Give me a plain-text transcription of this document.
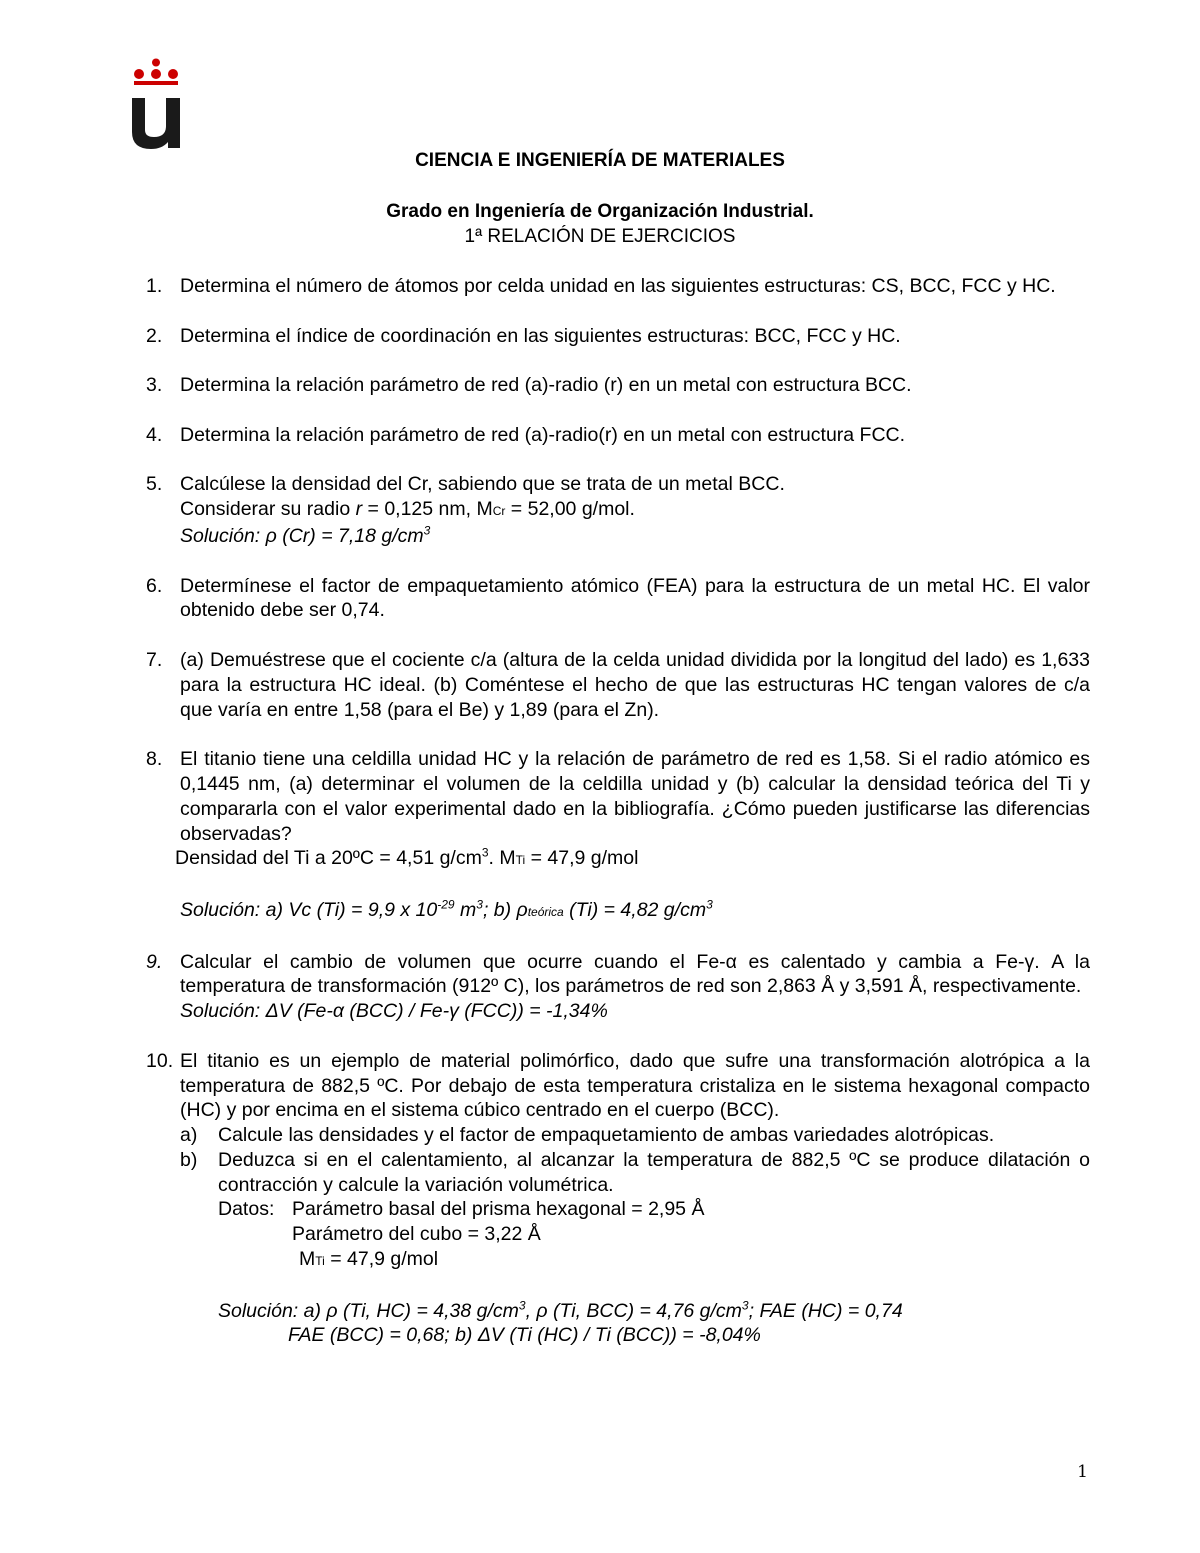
CIENCIA E INGENIERÍA DE MATERIALES
Grado en Ingeniería de Organización Industrial.
1ª RELACIÓN DE EJERCICIOS
1. Determina el número de átomos por celda unidad en las siguientes estructuras: CS, BCC, FCC y HC.
2. Determina el índice de coordinación en las siguientes estructuras: BCC, FCC y HC.
3. Determina la relación parámetro de red (a)-radio (r) en un metal con estructura BCC.
4. Determina la relación parámetro de red (a)-radio(r) en un metal con estructura FCC.
5. Calcúlese la densidad del Cr, sabiendo que se trata de un metal BCC.
Considerar su radio r = 0,125 nm, MCr = 52,00 g/mol.
Solución: ρ (Cr) = 7,18 $g/cm^3$
6. Determínese el factor de empaquetamiento atómico (FEA) para la estructura de un metal HC. El valor obtenido debe ser 0,74.
7. (a) Demuéstrese que el cociente c/a (altura de la celda unidad dividida por la longitud del lado) es 1,633 para la estructura HC ideal. (b) Coméntese el hecho de que las estructuras HC tengan valores de c/a que varía en entre 1,58 (para el Be) y 1,89 (para el Zn).
8. El titanio tiene una celdilla unidad HC y la relación de parámetro de red es 1,58. Si el radio atómico es 0,1445 nm, (a) determinar el volumen de la celdilla unidad y (b) calcular la densidad teórica del Ti y compararla con el valor experimental dado en la bibliografía. ¿Cómo pueden justificarse las diferencias observadas?
Densidad del Ti a 20ºC = 4,51 $g/cm^3$. MTi = 47,9 g/mol
Solución: a) Vc (Ti) = 9,9 x $10^{-29}$ $m^3$; b) ρteórica (Ti) = 4,82 $g/cm^3$
9. Calcular el cambio de volumen que ocurre cuando el Fe-α es calentado y cambia a Fe-γ. A la temperatura de transformación (912º C), los parámetros de red son 2,863 Å y 3,591 Å, respectivamente.
Solución: ΔV (Fe-α (BCC) / Fe-γ (FCC)) = -1,34%
10. El titanio es un ejemplo de material polimórfico, dado que sufre una transformación alotrópica a la temperatura de 882,5 ºC. Por debajo de esta temperatura cristaliza en le sistema hexagonal compacto (HC) y por encima en el sistema cúbico centrado en el cuerpo (BCC).
a) Calcule las densidades y el factor de empaquetamiento de ambas variedades alotrópicas.
b) Deduzca si en el calentamiento, al alcanzar la temperatura de 882,5 ºC se produce dilatación o contracción y calcule la variación volumétrica.
Datos: Parámetro basal del prisma hexagonal = 2,95 Å
Parámetro del cubo = 3,22 Å
MTi = 47,9 g/mol
Solución: a) ρ (Ti, HC) = 4,38 $g/cm^3$, ρ (Ti, BCC) = 4,76 $g/cm^3$; FAE (HC) = 0,74
FAE (BCC) = 0,68; b) ΔV (Ti (HC) / Ti (BCC)) = -8,04%
1
